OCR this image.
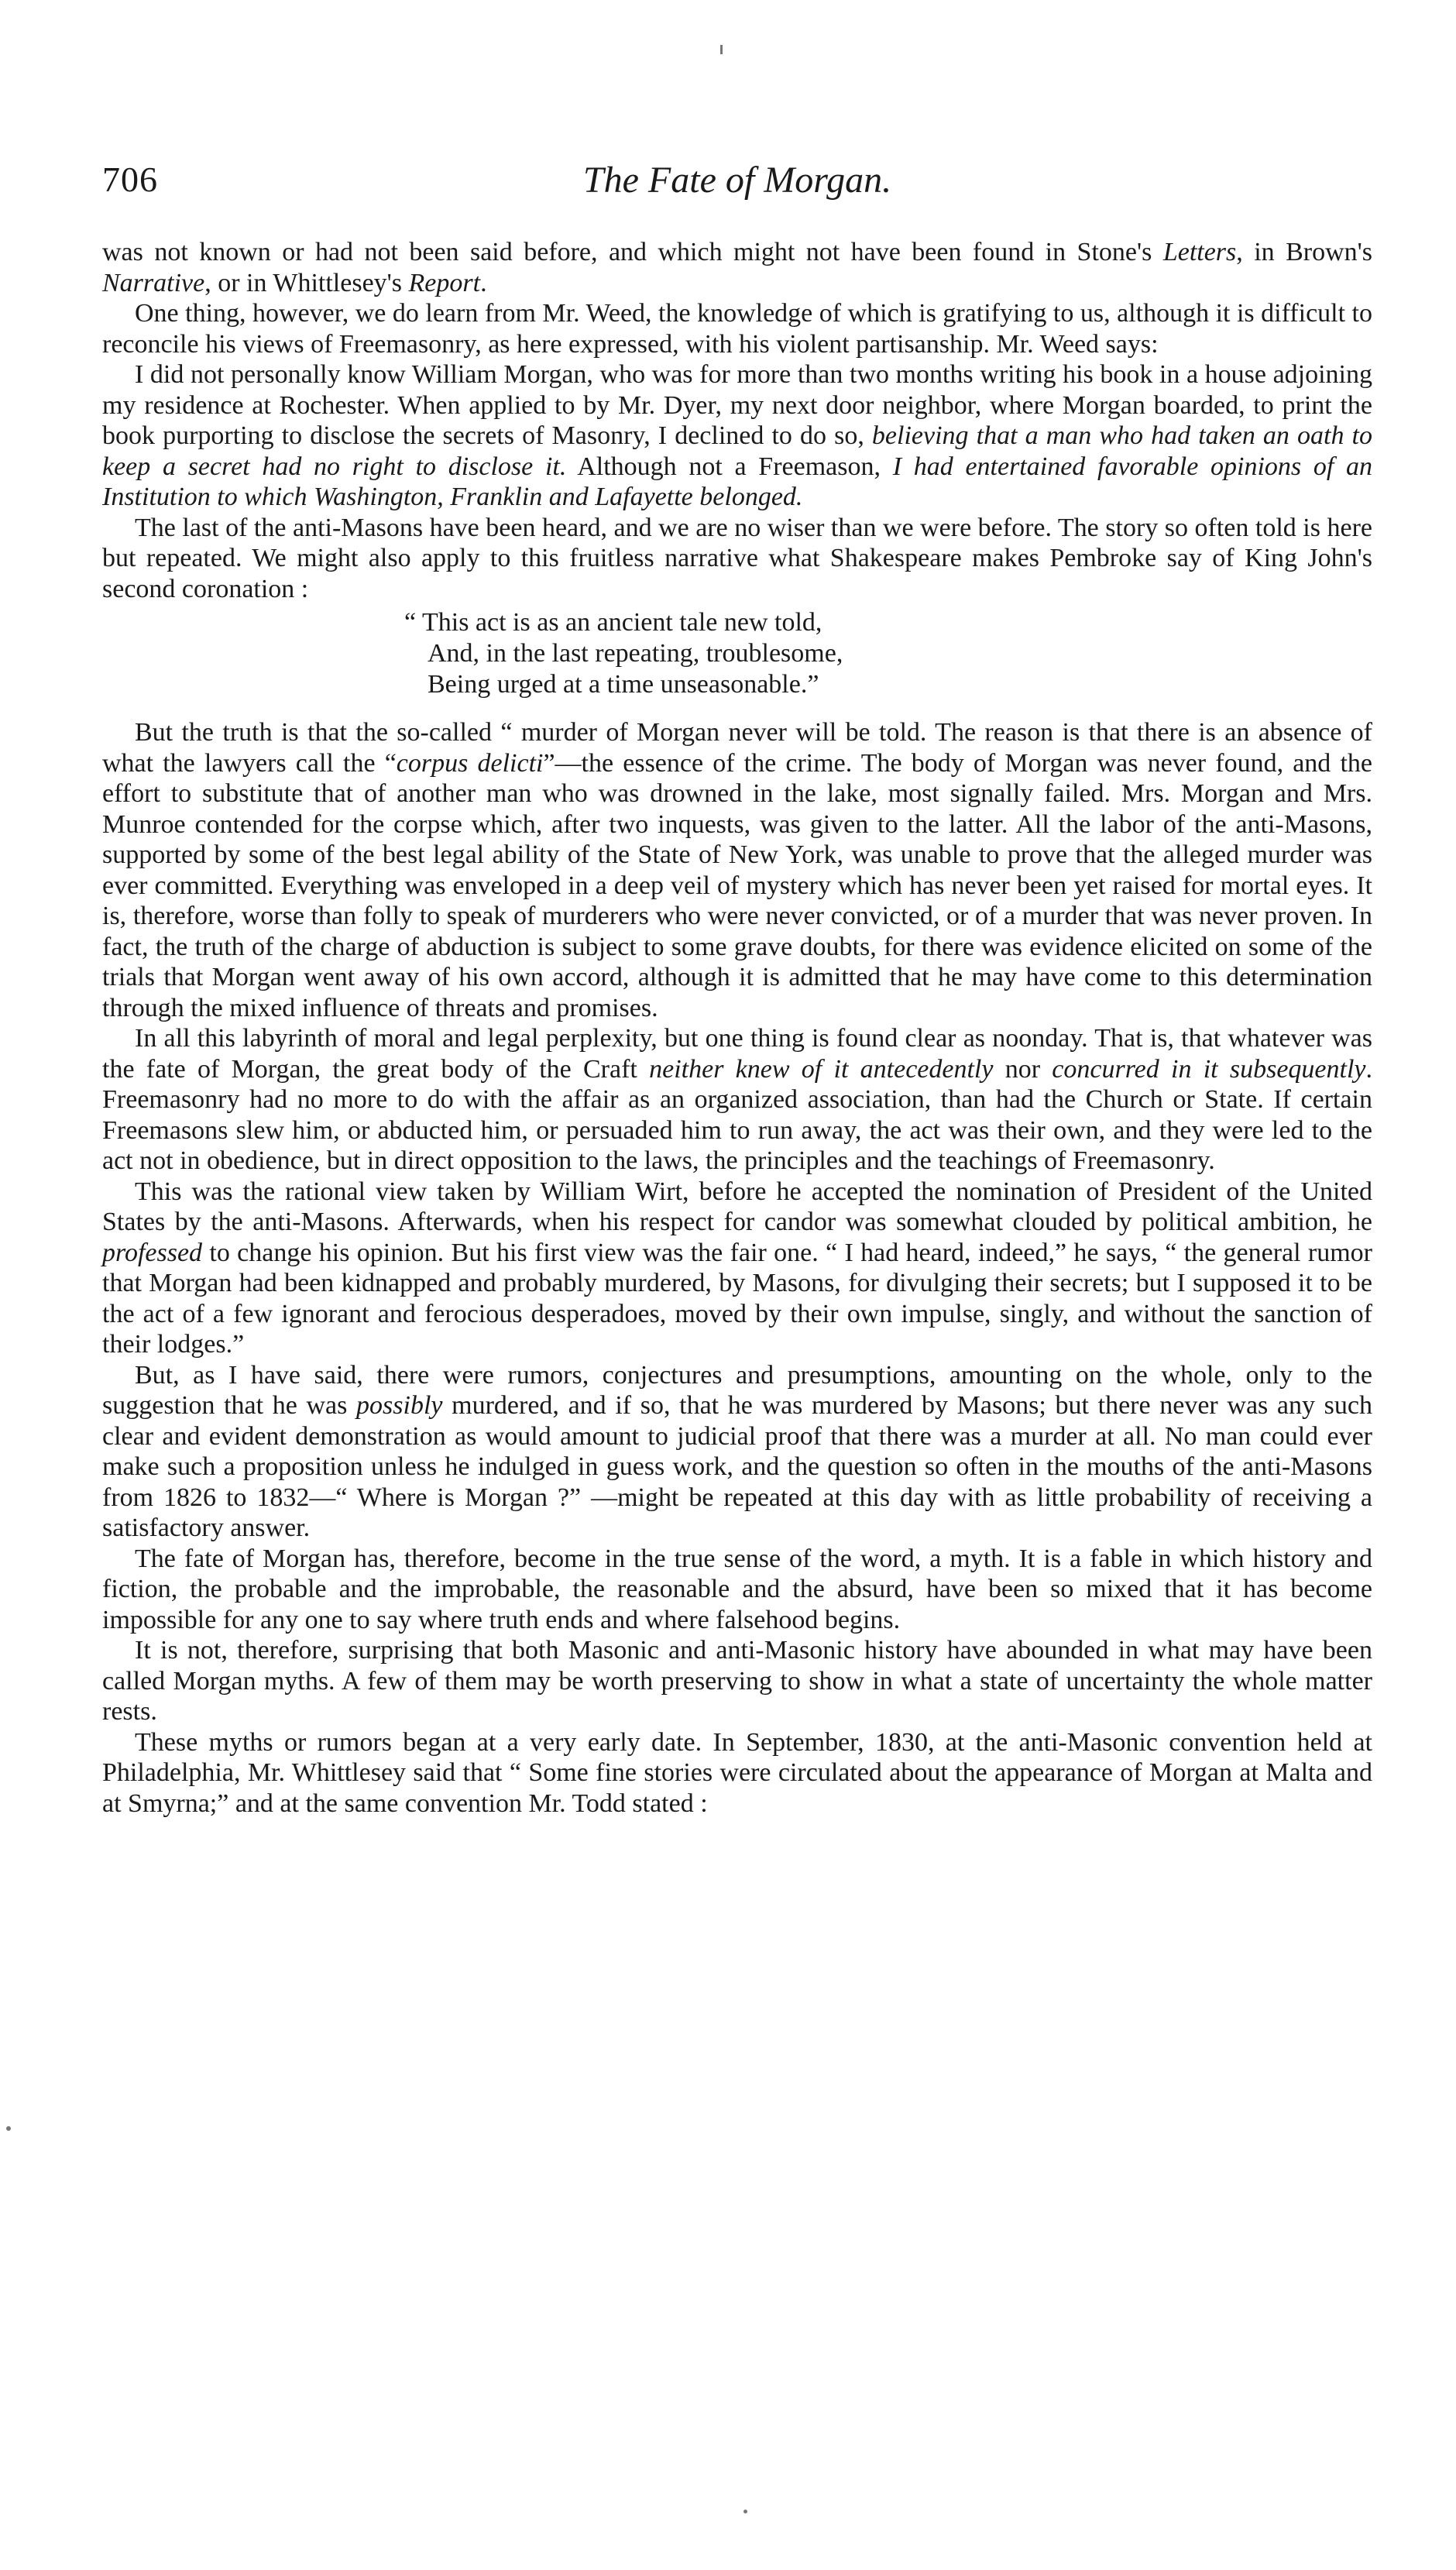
706	The Fate of Morgan.

was not known or had not been said before, and which might not have been found in Stone's Letters, in Brown's Narrative, or in Whittlesey's Report.

One thing, however, we do learn from Mr. Weed, the knowledge of which is gratifying to us, although it is difficult to reconcile his views of Freemasonry, as here expressed, with his violent partisanship. Mr. Weed says:

I did not personally know William Morgan, who was for more than two months writing his book in a house adjoining my residence at Rochester. When applied to by Mr. Dyer, my next door neighbor, where Morgan boarded, to print the book purporting to disclose the secrets of Masonry, I declined to do so, believing that a man who had taken an oath to keep a secret had no right to disclose it. Although not a Freemason, I had entertained favorable opinions of an Institution to which Washington, Franklin and Lafayette belonged.

The last of the anti-Masons have been heard, and we are no wiser than we were before. The story so often told is here but repeated. We might also apply to this fruitless narrative what Shakespeare makes Pembroke say of King John's second coronation :

“ This act is as an ancient tale new told,
And, in the last repeating, troublesome,
Being urged at a time unseasonable.”

But the truth is that the so-called “ murder of Morgan never will be told. The reason is that there is an absence of what the lawyers call the “corpus delicti”—the essence of the crime. The body of Morgan was never found, and the effort to substitute that of another man who was drowned in the lake, most signally failed. Mrs. Morgan and Mrs. Munroe contended for the corpse which, after two inquests, was given to the latter. All the labor of the anti-Masons, supported by some of the best legal ability of the State of New York, was unable to prove that the alleged murder was ever committed. Everything was enveloped in a deep veil of mystery which has never been yet raised for mortal eyes. It is, therefore, worse than folly to speak of murderers who were never convicted, or of a murder that was never proven. In fact, the truth of the charge of abduction is subject to some grave doubts, for there was evidence elicited on some of the trials that Morgan went away of his own accord, although it is admitted that he may have come to this determination through the mixed influence of threats and promises.

In all this labyrinth of moral and legal perplexity, but one thing is found clear as noonday. That is, that whatever was the fate of Morgan, the great body of the Craft neither knew of it antecedently nor concurred in it subsequently. Freemasonry had no more to do with the affair as an organized association, than had the Church or State. If certain Freemasons slew him, or abducted him, or persuaded him to run away, the act was their own, and they were led to the act not in obedience, but in direct opposition to the laws, the principles and the teachings of Freemasonry.

This was the rational view taken by William Wirt, before he accepted the nomination of President of the United States by the anti-Masons. Afterwards, when his respect for candor was somewhat clouded by political ambition, he professed to change his opinion. But his first view was the fair one. “ I had heard, indeed,” he says, “ the general rumor that Morgan had been kidnapped and probably murdered, by Masons, for divulging their secrets; but I supposed it to be the act of a few ignorant and ferocious desperadoes, moved by their own impulse, singly, and without the sanction of their lodges.”

But, as I have said, there were rumors, conjectures and presumptions, amounting on the whole, only to the suggestion that he was possibly murdered, and if so, that he was murdered by Masons; but there never was any such clear and evident demonstration as would amount to judicial proof that there was a murder at all. No man could ever make such a proposition unless he indulged in guess work, and the question so often in the mouths of the anti-Masons from 1826 to 1832—“ Where is Morgan ?” —might be repeated at this day with as little probability of receiving a satisfactory answer.

The fate of Morgan has, therefore, become in the true sense of the word, a myth. It is a fable in which history and fiction, the probable and the improbable, the reasonable and the absurd, have been so mixed that it has become impossible for any one to say where truth ends and where falsehood begins.

It is not, therefore, surprising that both Masonic and anti-Masonic history have abounded in what may have been called Morgan myths. A few of them may be worth preserving to show in what a state of uncertainty the whole matter rests.

These myths or rumors began at a very early date. In September, 1830, at the anti-Masonic convention held at Philadelphia, Mr. Whittlesey said that “ Some fine stories were circulated about the appearance of Morgan at Malta and at Smyrna;” and at the same convention Mr. Todd stated :
